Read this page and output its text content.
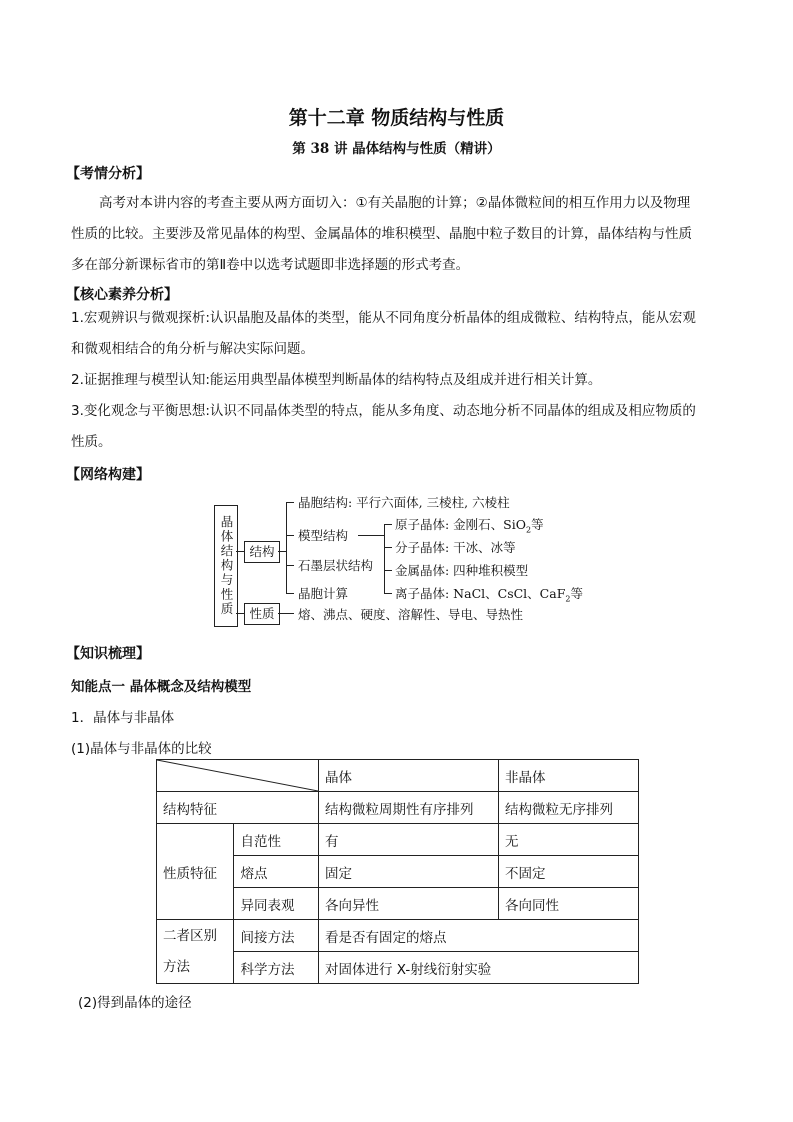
第十二章 物质结构与性质
第 38 讲 晶体结构与性质（精讲）
【考情分析】
高考对本讲内容的考查主要从两方面切入：①有关晶胞的计算；②晶体微粒间的相互作用力以及物理
性质的比较。主要涉及常见晶体的构型、金属晶体的堆积模型、晶胞中粒子数目的计算，晶体结构与性质
多在部分新课标省市的第Ⅱ卷中以选考试题即非选择题的形式考查。
【核心素养分析】
1.宏观辨识与微观探析:认识晶胞及晶体的类型，能从不同角度分析晶体的组成微粒、结构特点，能从宏观
和微观相结合的角分析与解决实际问题。
2.证据推理与模型认知:能运用典型晶体模型判断晶体的结构特点及组成并进行相关计算。
3.变化观念与平衡思想:认识不同晶体类型的特点，能从多角度、动态地分析不同晶体的组成及相应物质的
性质。
【网络构建】
晶体结构与性质	结构
性质
晶胞结构: 平行六面体, 三棱柱, 六棱柱
模型结构
石墨层状结构
晶胞计算
原子晶体: 金刚石、SiO$_2$等
分子晶体: 干冰、冰等
金属晶体: 四种堆积模型
离子晶体: NaCl、CsCl、CaF$_2$等
熔、沸点、硬度、溶解性、导电、导热性
【知识梳理】
知能点一 晶体概念及结构模型
1．晶体与非晶体
(1)晶体与非晶体的比较
	晶体	非晶体
结构特征		结构微粒周期性有序排列	结构微粒无序排列
性质特征	自范性	有	无
	熔点	固定	不固定
	异同表观	各向异性	各向同性
二者区别
方法	间接方法	看是否有固定的熔点	
	科学方法	对固体进行 X-射线衍射实验	
(2)得到晶体的途径
